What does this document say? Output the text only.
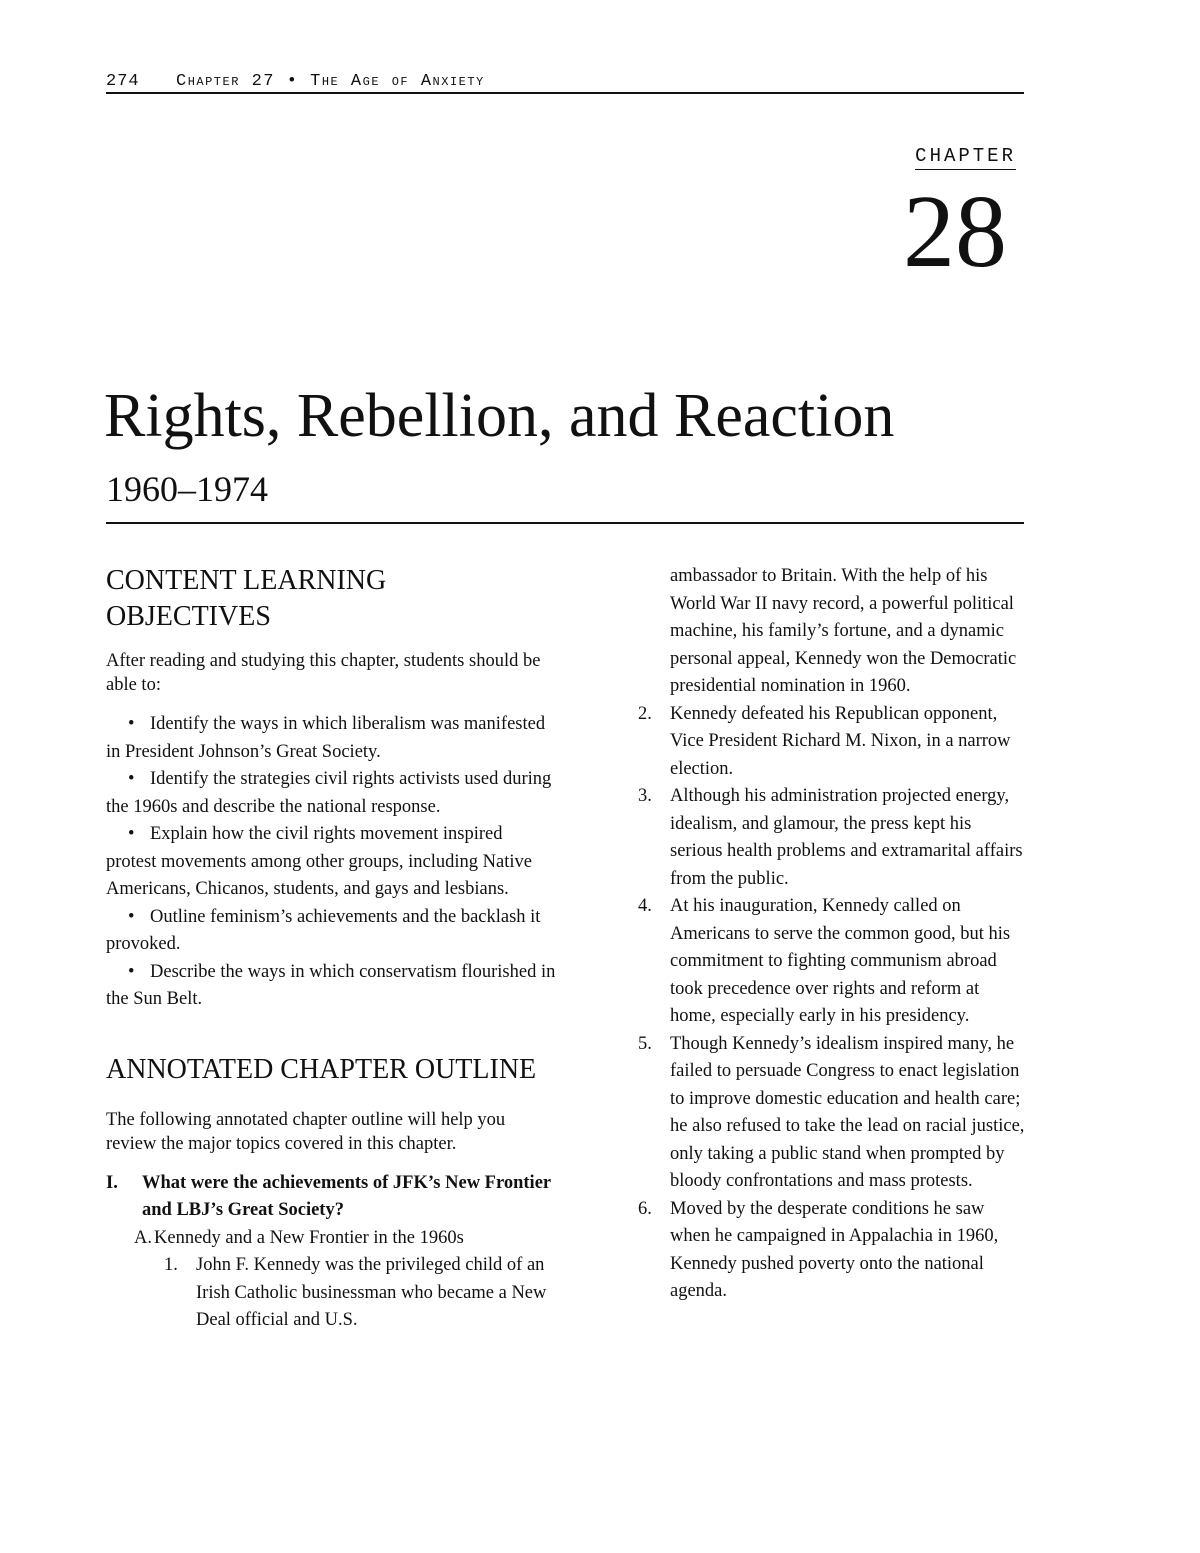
274 Chapter 27 • The Age of Anxiety
CHAPTER
28
Rights, Rebellion, and Reaction
1960–1974
CONTENT LEARNING OBJECTIVES

After reading and studying this chapter, students should be able to:

• Identify the ways in which liberalism was manifested in President Johnson’s Great Society.
• Identify the strategies civil rights activists used during the 1960s and describe the national response.
• Explain how the civil rights movement inspired protest movements among other groups, including Native Americans, Chicanos, students, and gays and lesbians.
• Outline feminism’s achievements and the backlash it provoked.
• Describe the ways in which conservatism flourished in the Sun Belt.
ANNOTATED CHAPTER OUTLINE

The following annotated chapter outline will help you review the major topics covered in this chapter.

I. What were the achievements of JFK’s New Frontier and LBJ’s Great Society?
A. Kennedy and a New Frontier in the 1960s
1. John F. Kennedy was the privileged child of an Irish Catholic businessman who became a New Deal official and U.S.
ambassador to Britain. With the help of his World War II navy record, a powerful political machine, his family’s fortune, and a dynamic personal appeal, Kennedy won the Democratic presidential nomination in 1960.
2. Kennedy defeated his Republican opponent, Vice President Richard M. Nixon, in a narrow election.
3. Although his administration projected energy, idealism, and glamour, the press kept his serious health problems and extramarital affairs from the public.
4. At his inauguration, Kennedy called on Americans to serve the common good, but his commitment to fighting communism abroad took precedence over rights and reform at home, especially early in his presidency.
5. Though Kennedy’s idealism inspired many, he failed to persuade Congress to enact legislation to improve domestic education and health care; he also refused to take the lead on racial justice, only taking a public stand when prompted by bloody confrontations and mass protests.
6. Moved by the desperate conditions he saw when he campaigned in Appalachia in 1960, Kennedy pushed poverty onto the national agenda.
